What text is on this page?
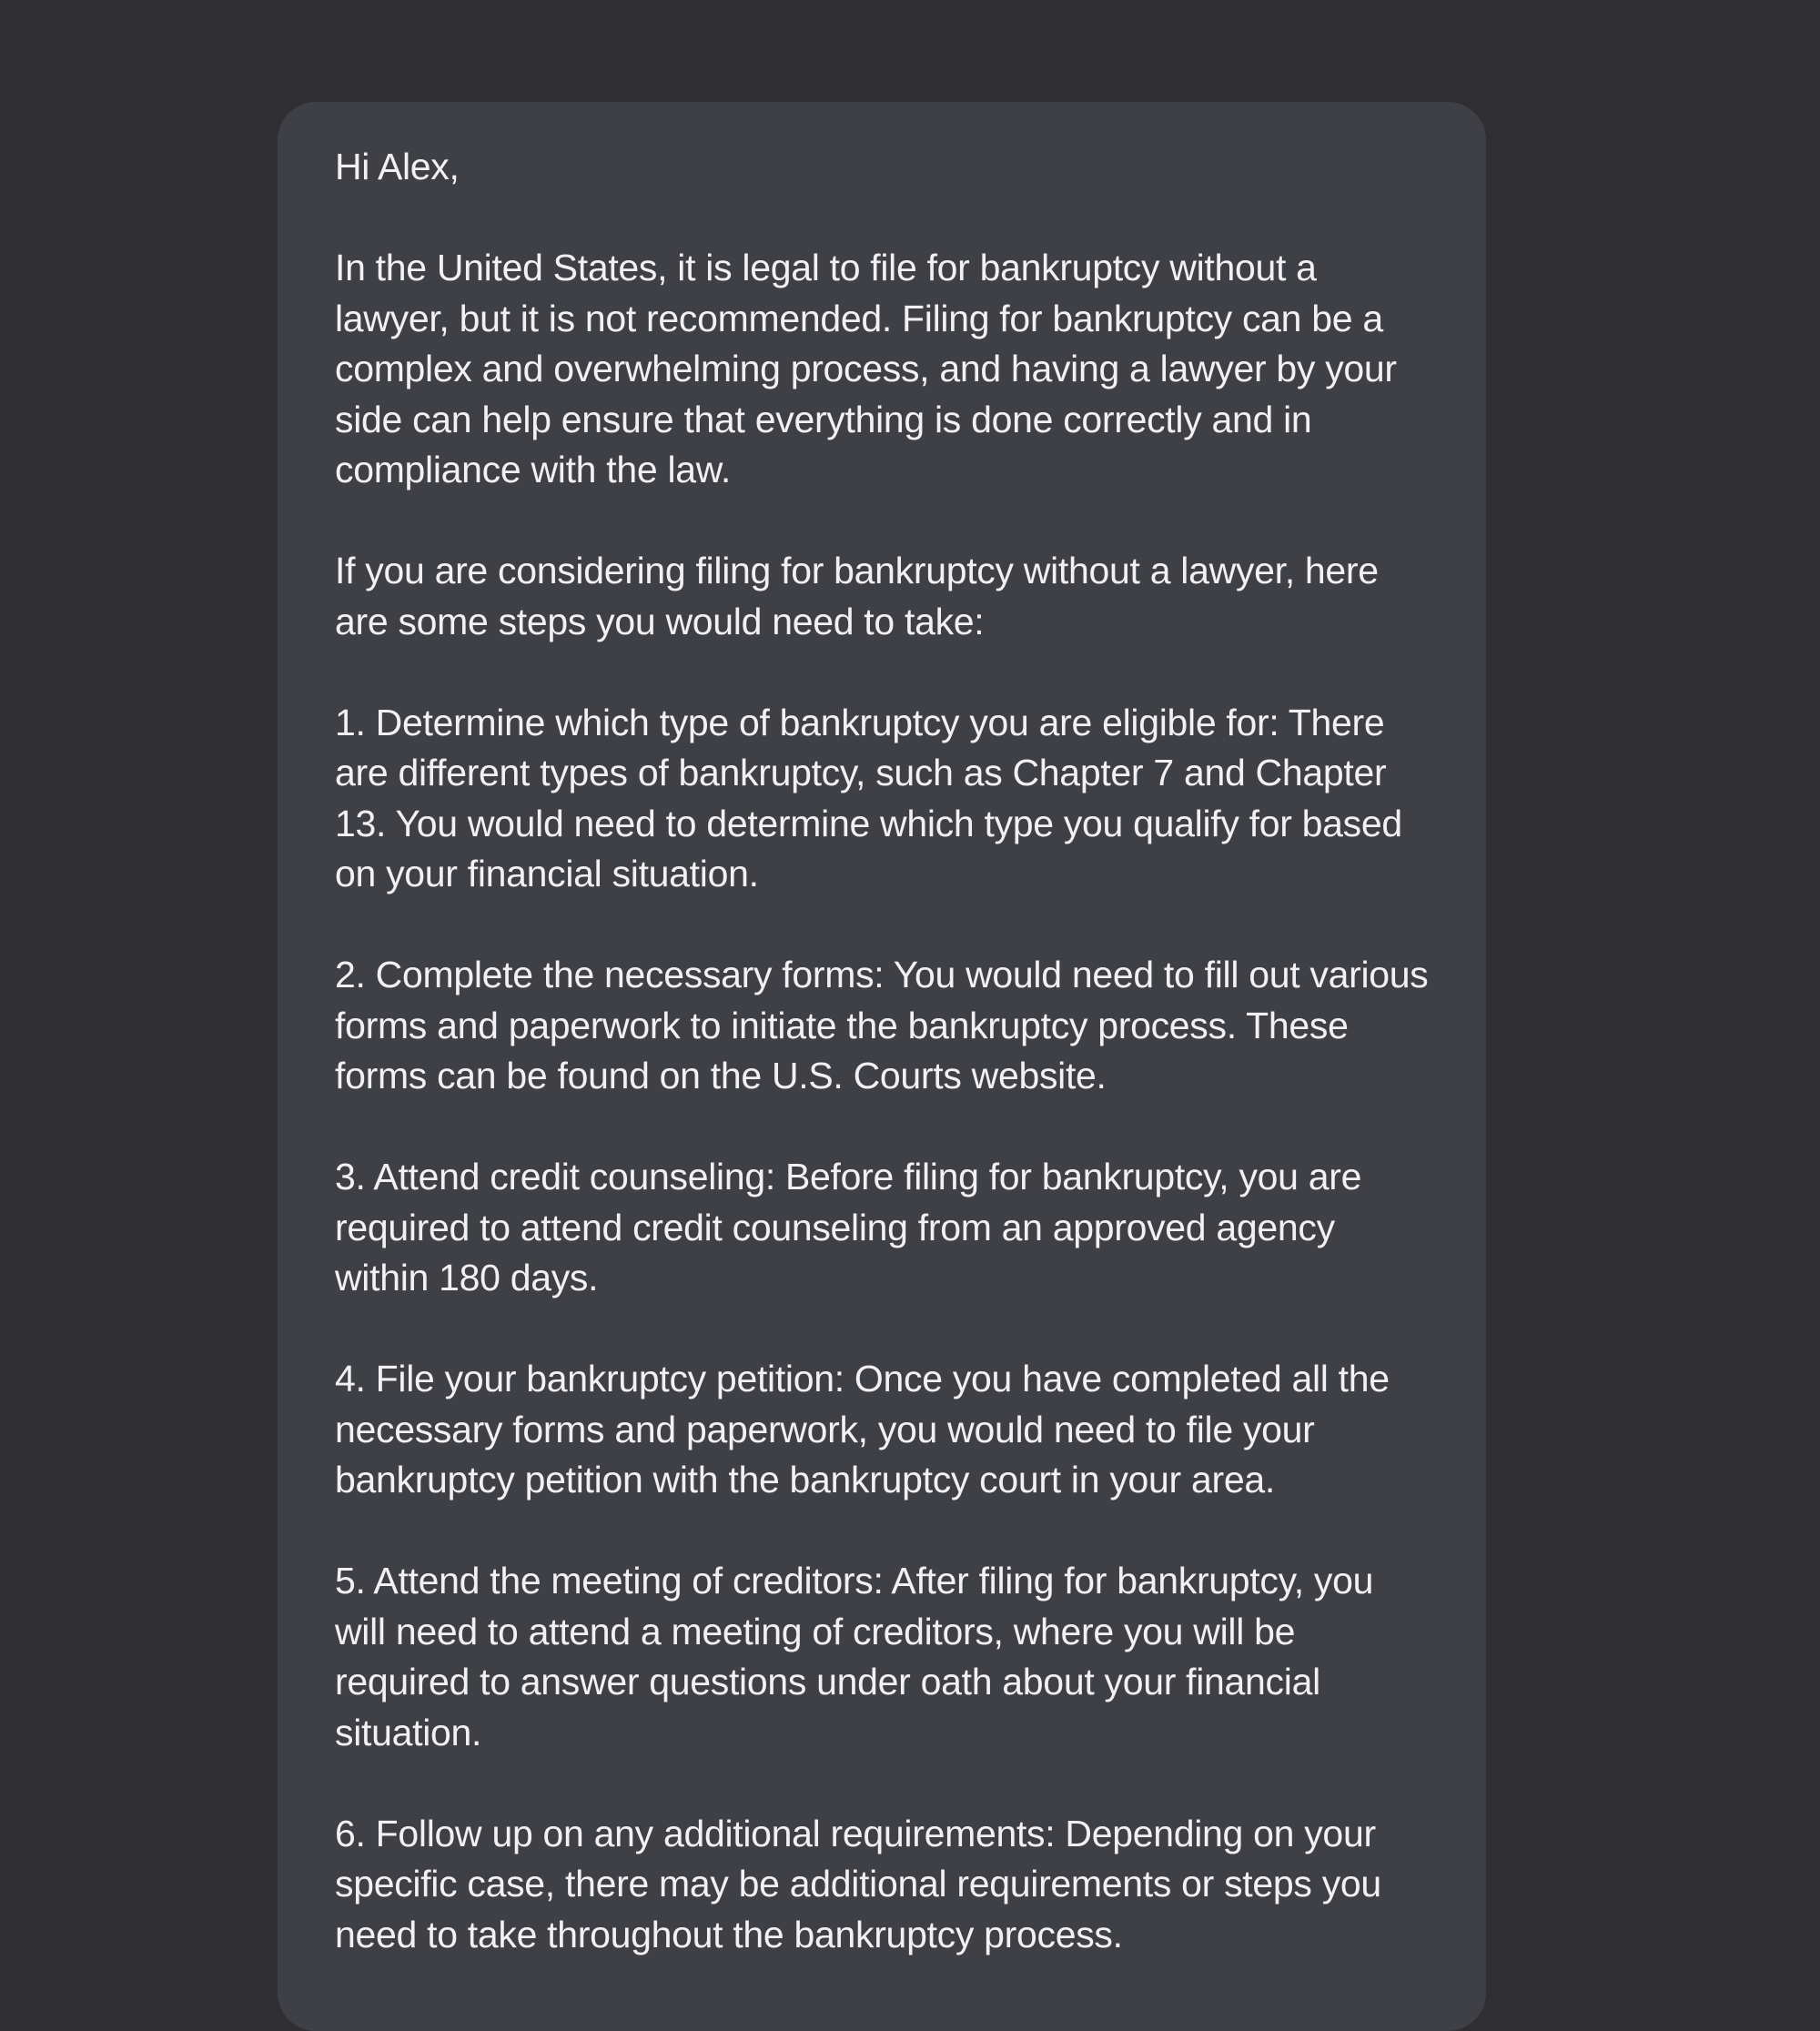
Hi Alex,

In the United States, it is legal to file for bankruptcy without a lawyer, but it is not recommended. Filing for bankruptcy can be a complex and overwhelming process, and having a lawyer by your side can help ensure that everything is done correctly and in compliance with the law.

If you are considering filing for bankruptcy without a lawyer, here are some steps you would need to take:

1. Determine which type of bankruptcy you are eligible for: There are different types of bankruptcy, such as Chapter 7 and Chapter 13. You would need to determine which type you qualify for based on your financial situation.

2. Complete the necessary forms: You would need to fill out various forms and paperwork to initiate the bankruptcy process. These forms can be found on the U.S. Courts website.

3. Attend credit counseling: Before filing for bankruptcy, you are required to attend credit counseling from an approved agency within 180 days.

4. File your bankruptcy petition: Once you have completed all the necessary forms and paperwork, you would need to file your bankruptcy petition with the bankruptcy court in your area.

5. Attend the meeting of creditors: After filing for bankruptcy, you will need to attend a meeting of creditors, where you will be required to answer questions under oath about your financial situation.

6. Follow up on any additional requirements: Depending on your specific case, there may be additional requirements or steps you need to take throughout the bankruptcy process.
